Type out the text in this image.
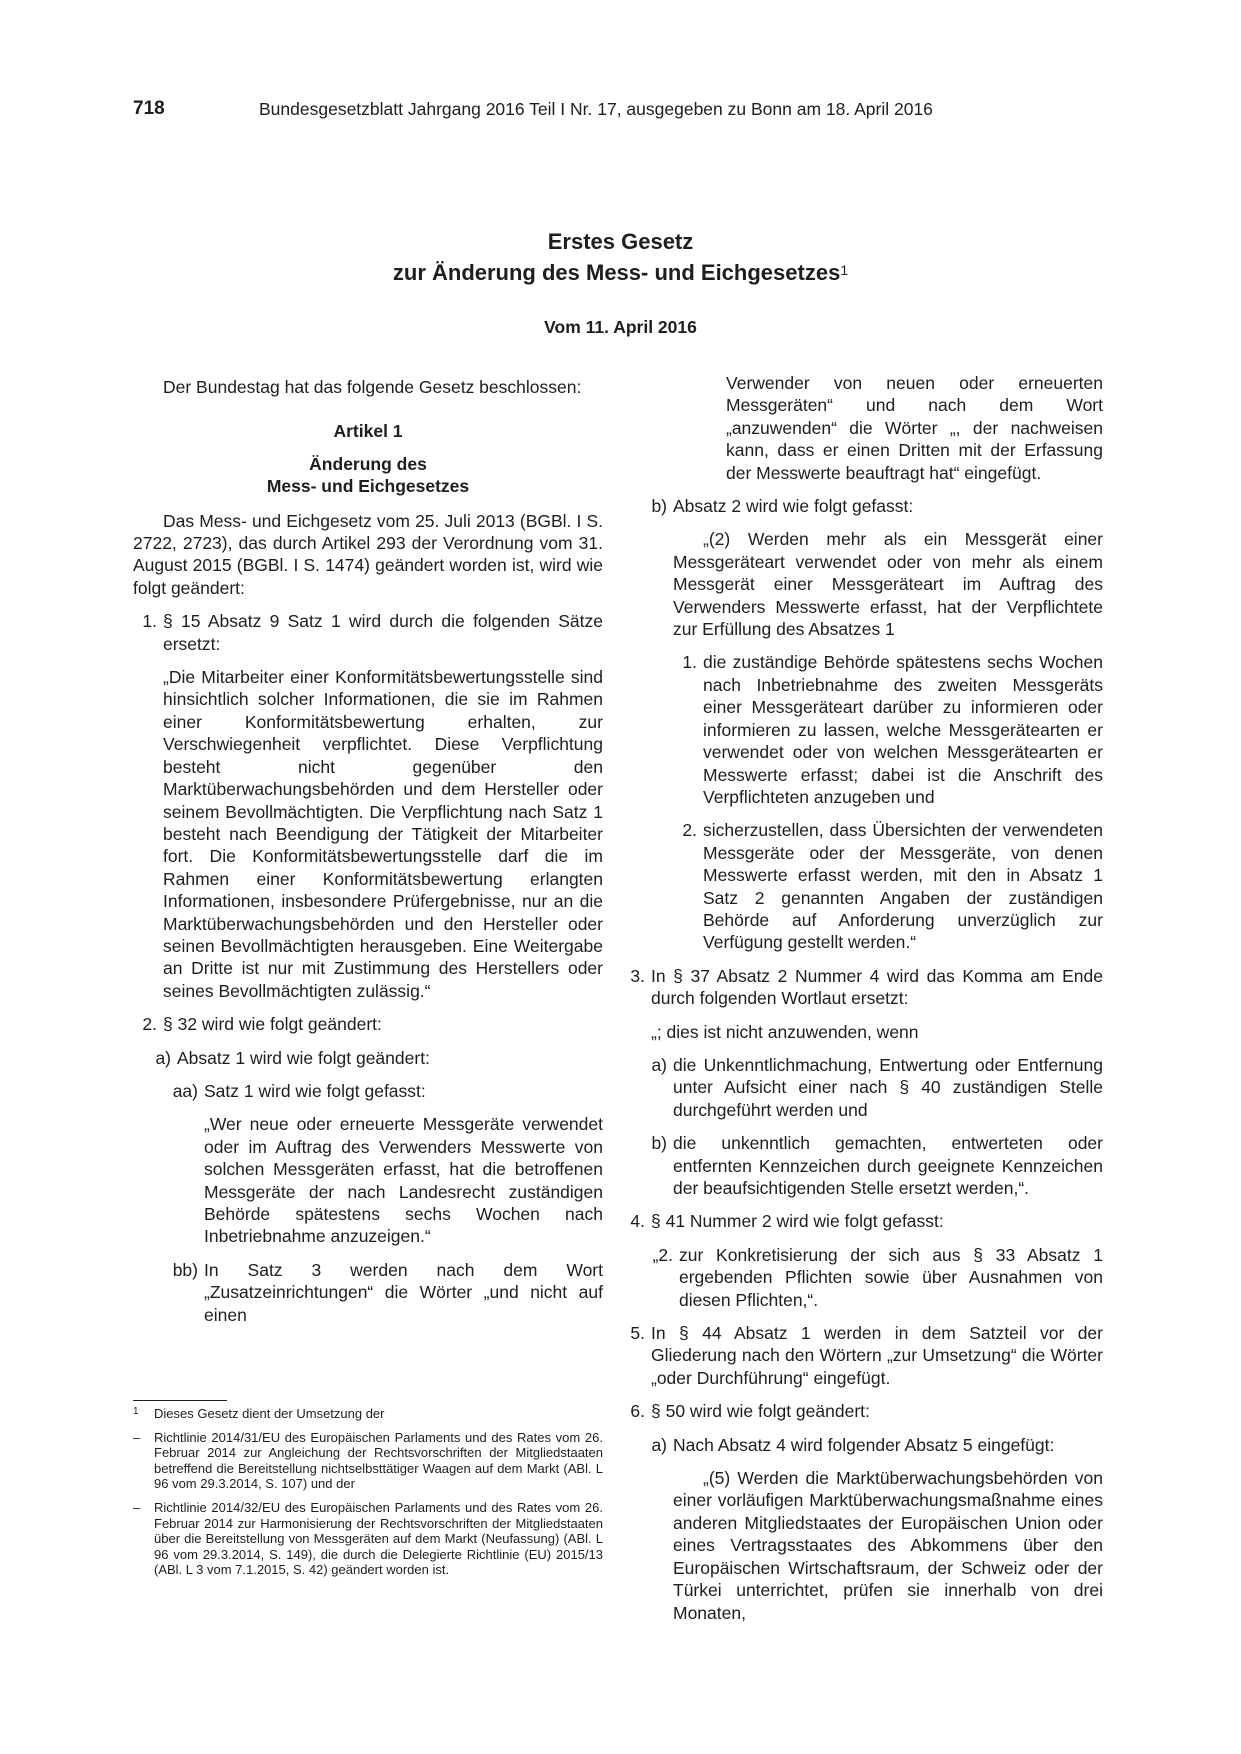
718	Bundesgesetzblatt Jahrgang 2016 Teil I Nr. 17, ausgegeben zu Bonn am 18. April 2016
Erstes Gesetz
zur Änderung des Mess- und Eichgesetzes$^1$
Vom 11. April 2016

Der Bundestag hat das folgende Gesetz beschlossen:

Artikel 1

Änderung des
Mess- und Eichgesetzes

Das Mess- und Eichgesetz vom 25. Juli 2013 (BGBl. I S. 2722, 2723), das durch Artikel 293 der Verordnung vom 31. August 2015 (BGBl. I S. 1474) geändert worden ist, wird wie folgt geändert:

1. § 15 Absatz 9 Satz 1 wird durch die folgenden Sätze ersetzt:

„Die Mitarbeiter einer Konformitätsbewertungsstelle sind hinsichtlich solcher Informationen, die sie im Rahmen einer Konformitätsbewertung erhalten, zur Verschwiegenheit verpflichtet. Diese Verpflichtung besteht nicht gegenüber den Marktüberwachungsbehörden und dem Hersteller oder seinem Bevollmächtigten. Die Verpflichtung nach Satz 1 besteht nach Beendigung der Tätigkeit der Mitarbeiter fort. Die Konformitätsbewertungsstelle darf die im Rahmen einer Konformitätsbewertung erlangten Informationen, insbesondere Prüfergebnisse, nur an die Marktüberwachungsbehörden und den Hersteller oder seinen Bevollmächtigten herausgeben. Eine Weitergabe an Dritte ist nur mit Zustimmung des Herstellers oder seines Bevollmächtigten zulässig.“

2. § 32 wird wie folgt geändert:
a) Absatz 1 wird wie folgt geändert:
aa) Satz 1 wird wie folgt gefasst:

„Wer neue oder erneuerte Messgeräte verwendet oder im Auftrag des Verwenders Messwerte von solchen Messgeräten erfasst, hat die betroffenen Messgeräte der nach Landesrecht zuständigen Behörde spätestens sechs Wochen nach Inbetriebnahme anzuzeigen.“

bb) In Satz 3 werden nach dem Wort „Zusatzeinrichtungen“ die Wörter „und nicht auf einen

Verwender von neuen oder erneuerten Messgeräten“ und nach dem Wort „anzuwenden“ die Wörter „, der nachweisen kann, dass er einen Dritten mit der Erfassung der Messwerte beauftragt hat“ eingefügt.

b) Absatz 2 wird wie folgt gefasst:

„(2) Werden mehr als ein Messgerät einer Messgeräteart verwendet oder von mehr als einem Messgerät einer Messgeräteart im Auftrag des Verwenders Messwerte erfasst, hat der Verpflichtete zur Erfüllung des Absatzes 1

1. die zuständige Behörde spätestens sechs Wochen nach Inbetriebnahme des zweiten Messgeräts einer Messgeräteart darüber zu informieren oder informieren zu lassen, welche Messgerätearten er verwendet oder von welchen Messgerätearten er Messwerte erfasst; dabei ist die Anschrift des Verpflichteten anzugeben und
2. sicherzustellen, dass Übersichten der verwendeten Messgeräte oder der Messgeräte, von denen Messwerte erfasst werden, mit den in Absatz 1 Satz 2 genannten Angaben der zuständigen Behörde auf Anforderung unverzüglich zur Verfügung gestellt werden.“
3. In § 37 Absatz 2 Nummer 4 wird das Komma am Ende durch folgenden Wortlaut ersetzt:

„; dies ist nicht anzuwenden, wenn

a) die Unkenntlichmachung, Entwertung oder Entfernung unter Aufsicht einer nach § 40 zuständigen Stelle durchgeführt werden und
b) die unkenntlich gemachten, entwerteten oder entfernten Kennzeichen durch geeignete Kennzeichen der beaufsichtigenden Stelle ersetzt werden,“.
4. § 41 Nummer 2 wird wie folgt gefasst:
„2. zur Konkretisierung der sich aus § 33 Absatz 1 ergebenden Pflichten sowie über Ausnahmen von diesen Pflichten,“.
5. In § 44 Absatz 1 werden in dem Satzteil vor der Gliederung nach den Wörtern „zur Umsetzung“ die Wörter „oder Durchführung“ eingefügt.
6. § 50 wird wie folgt geändert:
a) Nach Absatz 4 wird folgender Absatz 5 eingefügt:

„(5) Werden die Marktüberwachungsbehörden von einer vorläufigen Marktüberwachungsmaßnahme eines anderen Mitgliedstaates der Europäischen Union oder eines Vertragsstaates des Abkommens über den Europäischen Wirtschaftsraum, der Schweiz oder der Türkei unterrichtet, prüfen sie innerhalb von drei Monaten,

1	Dieses Gesetz dient der Umsetzung der
–	Richtlinie 2014/31/EU des Europäischen Parlaments und des Rates vom 26. Februar 2014 zur Angleichung der Rechtsvorschriften der Mitgliedstaaten betreffend die Bereitstellung nichtselbsttätiger Waagen auf dem Markt (ABl. L 96 vom 29.3.2014, S. 107) und der
–	Richtlinie 2014/32/EU des Europäischen Parlaments und des Rates vom 26. Februar 2014 zur Harmonisierung der Rechtsvorschriften der Mitgliedstaaten über die Bereitstellung von Messgeräten auf dem Markt (Neufassung) (ABl. L 96 vom 29.3.2014, S. 149), die durch die Delegierte Richtlinie (EU) 2015/13 (ABl. L 3 vom 7.1.2015, S. 42) geändert worden ist.
